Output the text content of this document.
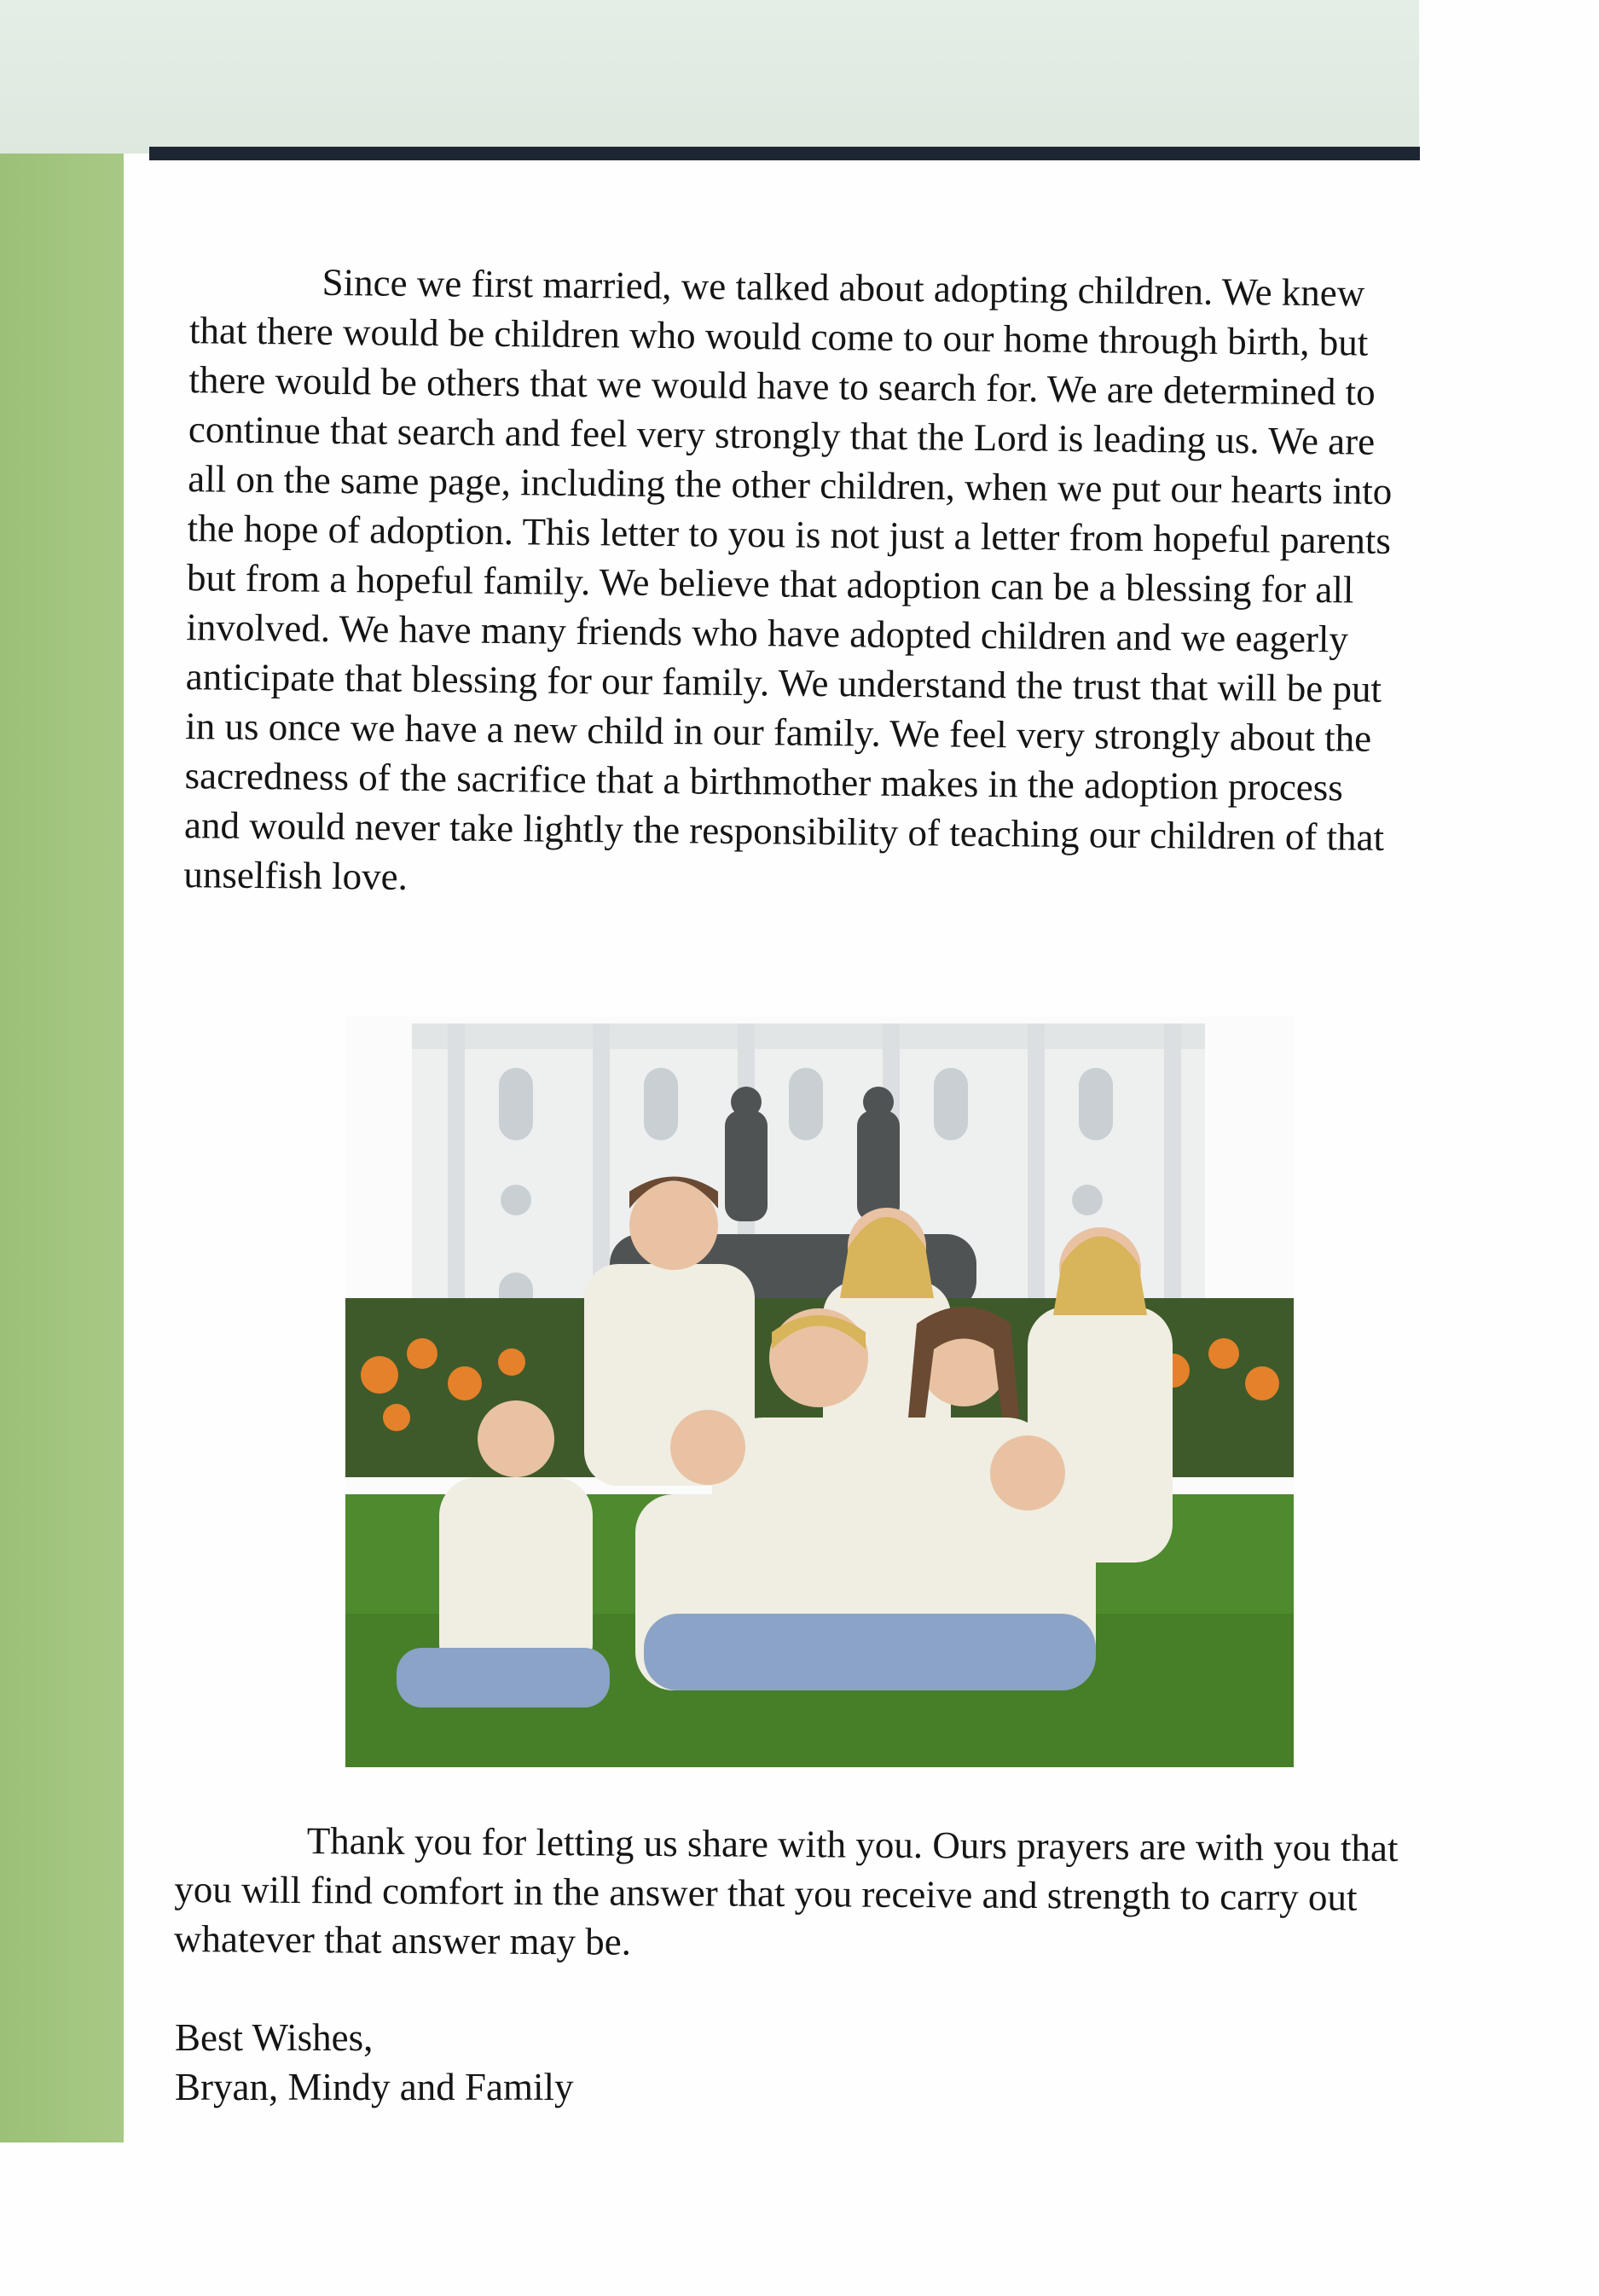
Since we first married, we talked about adopting children. We knew that there would be children who would come to our home through birth, but there would be others that we would have to search for. We are determined to continue that search and feel very strongly that the Lord is leading us. We are all on the same page, including the other children, when we put our hearts into the hope of adoption. This letter to you is not just a letter from hopeful parents but from a hopeful family. We believe that adoption can be a blessing for all involved. We have many friends who have adopted children and we eagerly anticipate that blessing for our family. We understand the trust that will be put in us once we have a new child in our family. We feel very strongly about the sacredness of the sacrifice that a birthmother makes in the adoption process and would never take lightly the responsibility of teaching our children of that unselfish love.

Thank you for letting us share with you. Ours prayers are with you that you will find comfort in the answer that you receive and strength to carry out whatever that answer may be.

Best Wishes,
Bryan, Mindy and Family
